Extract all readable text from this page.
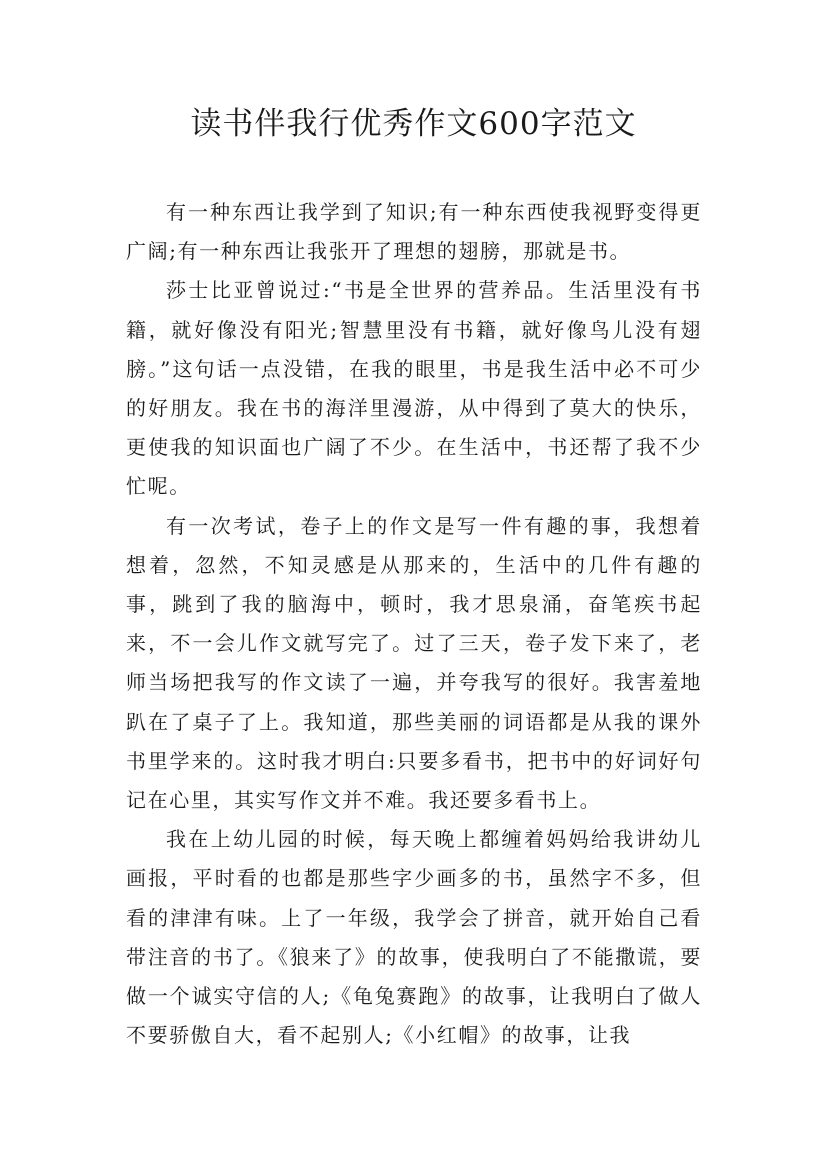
读书伴我行优秀作文600字范文

有一种东西让我学到了知识;有一种东西使我视野变得更广阔;有一种东西让我张开了理想的翅膀，那就是书。

莎士比亚曾说过:“书是全世界的营养品。生活里没有书籍，就好像没有阳光;智慧里没有书籍，就好像鸟儿没有翅膀。”这句话一点没错，在我的眼里，书是我生活中必不可少的好朋友。我在书的海洋里漫游，从中得到了莫大的快乐，更使我的知识面也广阔了不少。在生活中，书还帮了我不少忙呢。

有一次考试，卷子上的作文是写一件有趣的事，我想着想着，忽然，不知灵感是从那来的，生活中的几件有趣的事，跳到了我的脑海中，顿时，我才思泉涌，奋笔疾书起来，不一会儿作文就写完了。过了三天，卷子发下来了，老师当场把我写的作文读了一遍，并夸我写的很好。我害羞地趴在了桌子了上。我知道，那些美丽的词语都是从我的课外书里学来的。这时我才明白:只要多看书，把书中的好词好句记在心里，其实写作文并不难。我还要多看书上。

我在上幼儿园的时候，每天晚上都缠着妈妈给我讲幼儿画报，平时看的也都是那些字少画多的书，虽然字不多，但看的津津有味。上了一年级，我学会了拼音，就开始自己看带注音的书了。《狼来了》的故事，使我明白了不能撒谎，要做一个诚实守信的人;《龟兔赛跑》的故事，让我明白了做人不要骄傲自大，看不起别人;《小红帽》的故事，让我
